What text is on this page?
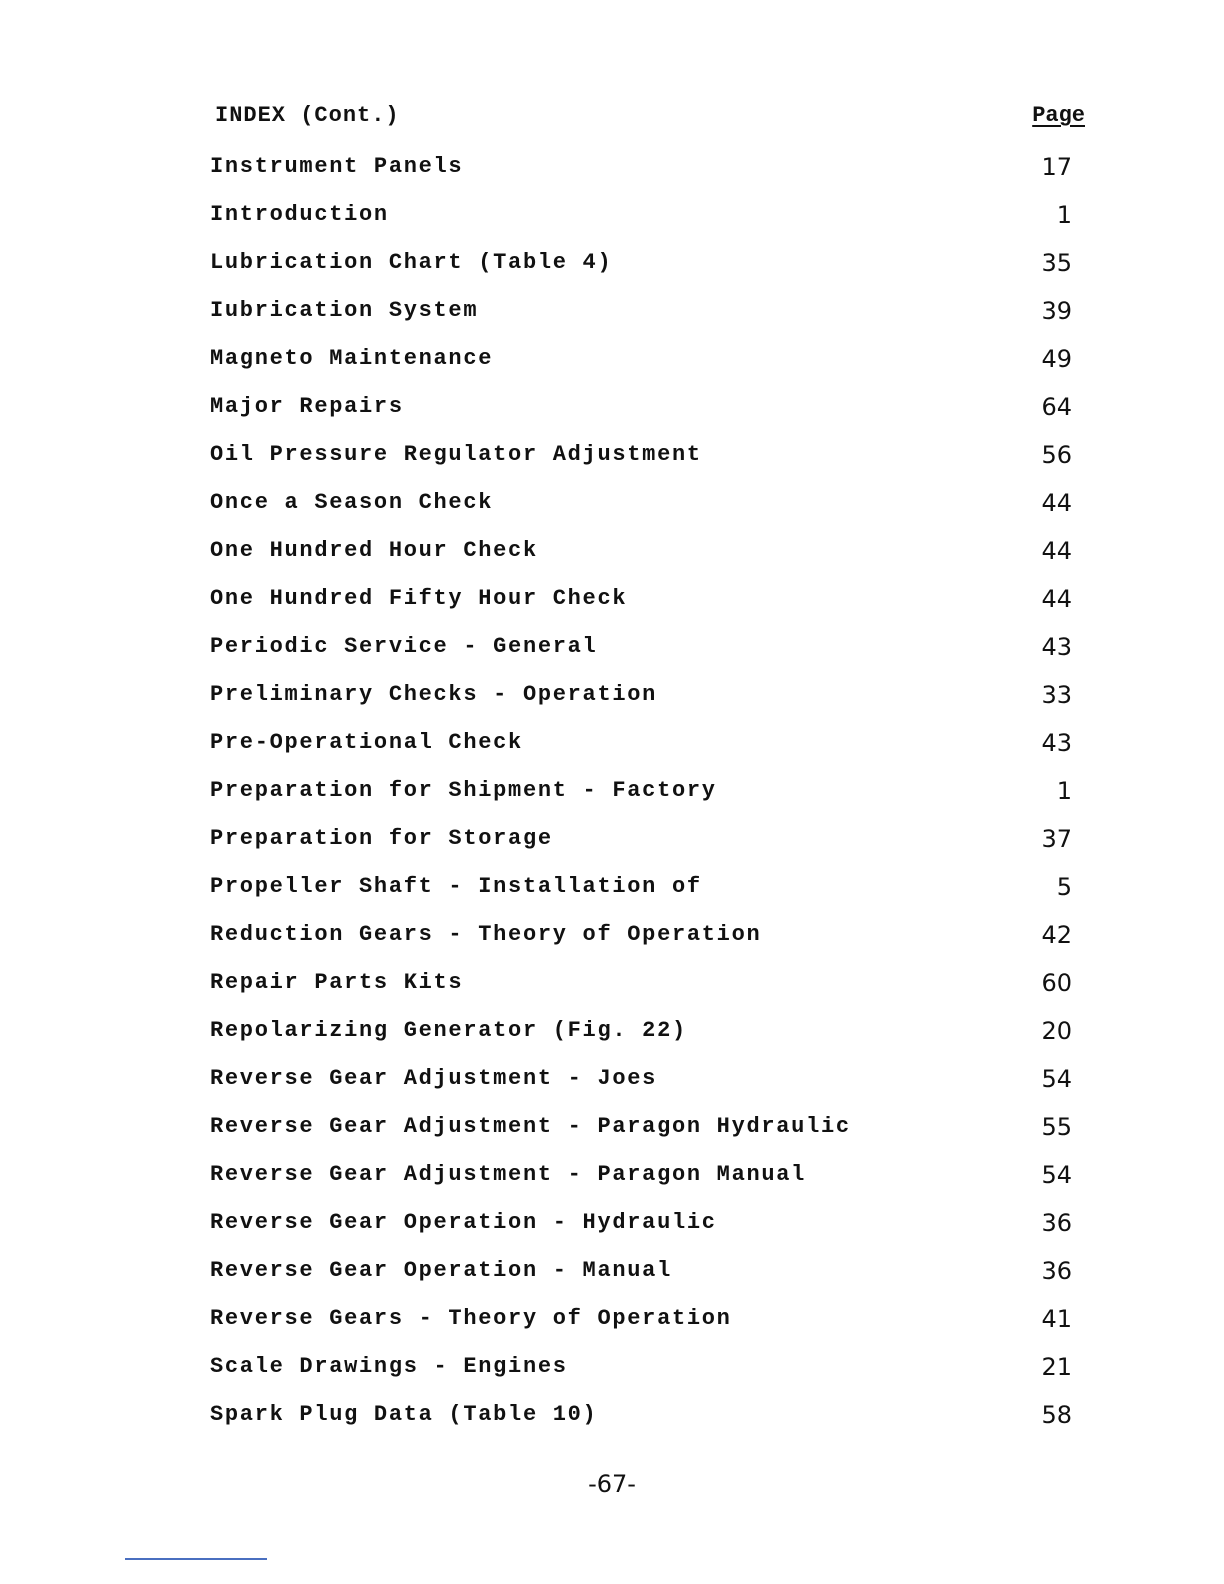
INDEX (Cont.)	Page
Instrument Panels	17
Introduction	1
Lubrication Chart (Table 4)	35
Iubrication System	39
Magneto Maintenance	49
Major Repairs	64
Oil Pressure Regulator Adjustment	56
Once a Season Check	44
One Hundred Hour Check	44
One Hundred Fifty Hour Check	44
Periodic Service - General	43
Preliminary Checks - Operation	33
Pre-Operational Check	43
Preparation for Shipment - Factory	1
Preparation for Storage	37
Propeller Shaft - Installation of	5
Reduction Gears - Theory of Operation	42
Repair Parts Kits	60
Repolarizing Generator (Fig. 22)	20
Reverse Gear Adjustment - Joes	54
Reverse Gear Adjustment - Paragon Hydraulic	55
Reverse Gear Adjustment - Paragon Manual	54
Reverse Gear Operation - Hydraulic	36
Reverse Gear Operation - Manual	36
Reverse Gears - Theory of Operation	41
Scale Drawings - Engines	21
Spark Plug Data (Table 10)	58
-67-
